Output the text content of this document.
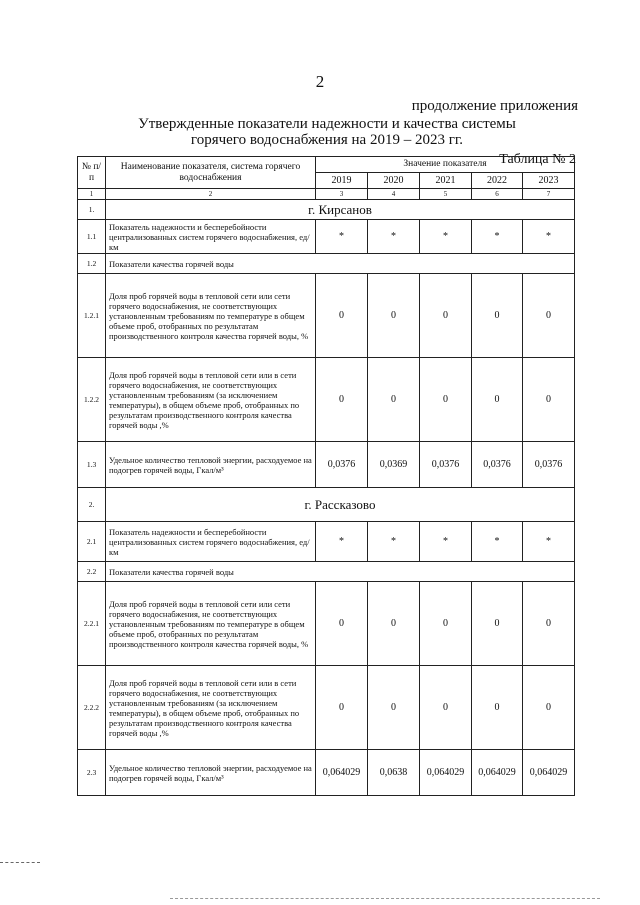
2
продолжение приложения
Утвержденные показатели надежности и качества системы горячего водоснабжения на 2019 – 2023 гг.
Таблица № 2
№ п/п	Наименование показателя, система горячего водоснабжения	Значение показателя				
		2019	2020	2021	2022	2023
1	2	3	4	5	6	7
1.	г. Кирсанов					
1.1	Показатель надежности и бесперебойности централизованных систем горячего водоснабжения, ед/км	*	*	*	*	*
1.2	Показатели качества горячей воды					
1.2.1	Доля проб горячей воды в тепловой сети или сети горячего водоснабжения, не соответствующих установленным требованиям по температуре в общем объеме проб, отобранных по результатам производственного контроля качества горячей воды, %	0	0	0	0	0
1.2.2	Доля проб горячей воды в тепловой сети или в сети горячего водоснабжения, не соответствующих установленным требованиям (за исключением температуры), в общем объеме проб, отобранных по результатам производственного контроля качества горячей воды ,%	0	0	0	0	0
1.3	Удельное количество тепловой энергии, расходуемое на подогрев горячей воды, Гкал/м³	0,0376	0,0369	0,0376	0,0376	0,0376
2.	г. Рассказово					
2.1	Показатель надежности и бесперебойности централизованных систем горячего водоснабжения, ед/км	*	*	*	*	*
2.2	Показатели качества горячей воды					
2.2.1	Доля проб горячей воды в тепловой сети или сети горячего водоснабжения, не соответствующих установленным требованиям по температуре в общем объеме проб, отобранных по результатам производственного контроля качества горячей воды, %	0	0	0	0	0
2.2.2	Доля проб горячей воды в тепловой сети или в сети горячего водоснабжения, не соответствующих установленным требованиям (за исключением температуры), в общем объеме проб, отобранных по результатам производственного контроля качества горячей воды ,%	0	0	0	0	0
2.3	Удельное количество тепловой энергии, расходуемое на подогрев горячей воды, Гкал/м³	0,064029	0,0638	0,064029	0,064029	0,064029
